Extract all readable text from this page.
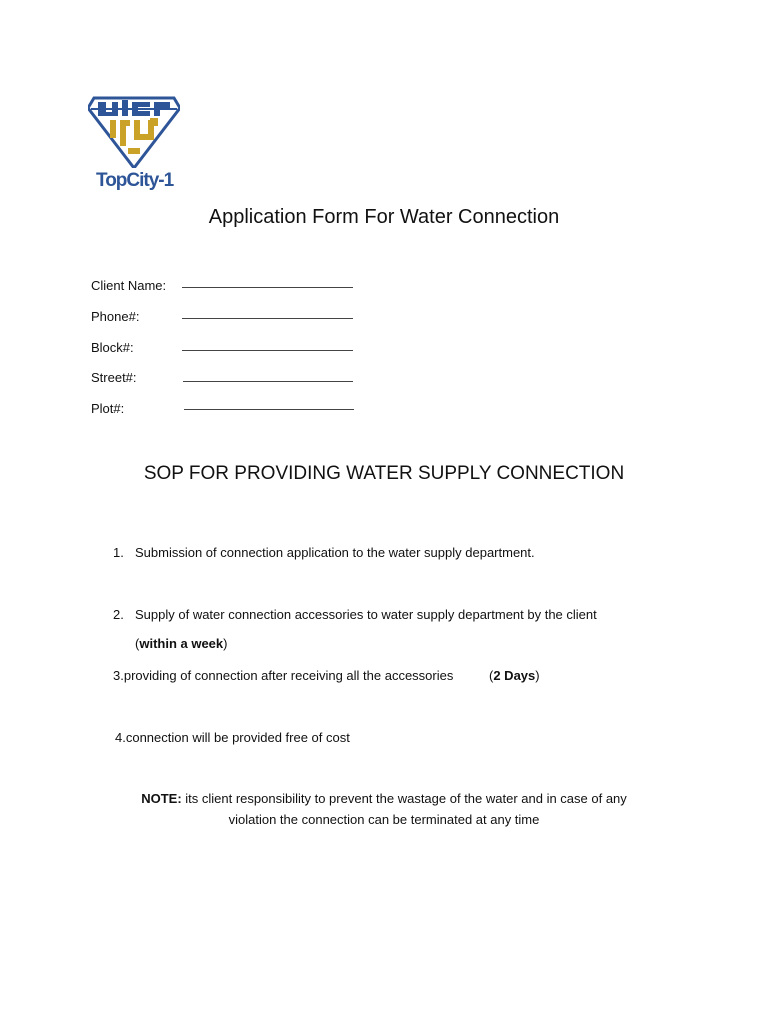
TopCity-1
Application Form For Water Connection
Client Name:
Phone#:
Block#:
Street#:
Plot#:
SOP FOR PROVIDING WATER SUPPLY CONNECTION
1. Submission of connection application to the water supply department.
2. Supply of water connection accessories to water supply department by the client
(within a week)
3.providing of connection after receiving all the accessories	(2 Days)
4.connection will be provided free of cost
NOTE: its client responsibility to prevent the wastage of the water and in case of any
violation the connection can be terminated at any time
